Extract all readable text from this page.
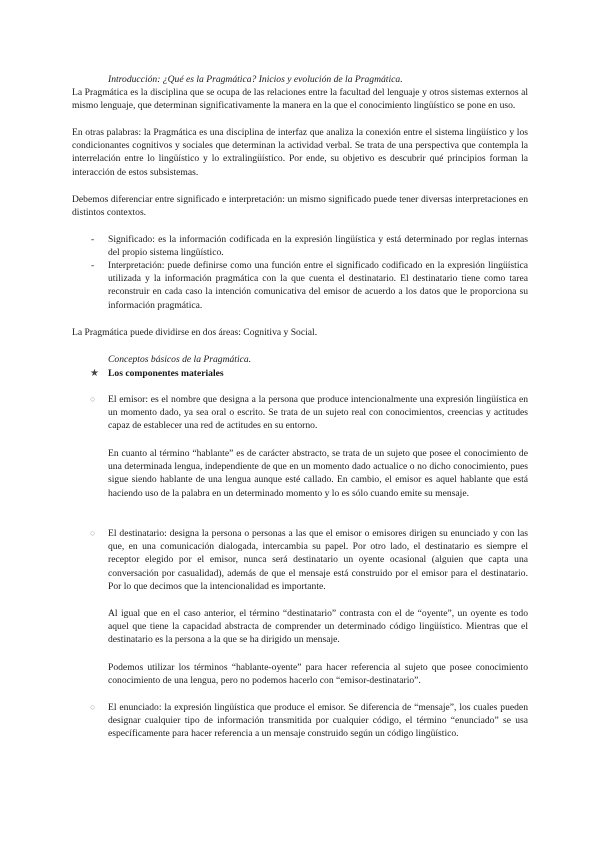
Introducción: ¿Qué es la Pragmática? Inicios y evolución de la Pragmática.

La Pragmática es la disciplina que se ocupa de las relaciones entre la facultad del lenguaje y otros sistemas externos al mismo lenguaje, que determinan significativamente la manera en la que el conocimiento lingüístico se pone en uso.

En otras palabras: la Pragmática es una disciplina de interfaz que analiza la conexión entre el sistema lingüístico y los condicionantes cognitivos y sociales que determinan la actividad verbal. Se trata de una perspectiva que contempla la interrelación entre lo lingüístico y lo extralingüístico. Por ende, su objetivo es descubrir qué principios forman la interacción de estos subsistemas.

Debemos diferenciar entre significado e interpretación: un mismo significado puede tener diversas interpretaciones en distintos contextos.

- Significado: es la información codificada en la expresión lingüística y está determinado por reglas internas del propio sistema lingüístico.

- Interpretación: puede definirse como una función entre el significado codificado en la expresión lingüística utilizada y la información pragmática con la que cuenta el destinatario. El destinatario tiene como tarea reconstruir en cada caso la intención comunicativa del emisor de acuerdo a los datos que le proporciona su información pragmática.

La Pragmática puede dividirse en dos áreas: Cognitiva y Social.

Conceptos básicos de la Pragmática.

★ Los componentes materiales

○ El emisor: es el nombre que designa a la persona que produce intencionalmente una expresión lingüística en un momento dado, ya sea oral o escrito. Se trata de un sujeto real con conocimientos, creencias y actitudes capaz de establecer una red de actitudes en su entorno.

En cuanto al término “hablante” es de carácter abstracto, se trata de un sujeto que posee el conocimiento de una determinada lengua, independiente de que en un momento dado actualice o no dicho conocimiento, pues sigue siendo hablante de una lengua aunque esté callado. En cambio, el emisor es aquel hablante que está haciendo uso de la palabra en un determinado momento y lo es sólo cuando emite su mensaje.

○ El destinatario: designa la persona o personas a las que el emisor o emisores dirigen su enunciado y con las que, en una comunicación dialogada, intercambia su papel. Por otro lado, el destinatario es siempre el receptor elegido por el emisor, nunca será destinatario un oyente ocasional (alguien que capta una conversación por casualidad), además de que el mensaje está construido por el emisor para el destinatario. Por lo que decimos que la intencionalidad es importante.

Al igual que en el caso anterior, el término “destinatario” contrasta con el de “oyente”, un oyente es todo aquel que tiene la capacidad abstracta de comprender un determinado código lingüístico. Mientras que el destinatario es la persona a la que se ha dirigido un mensaje.

Podemos utilizar los términos “hablante-oyente” para hacer referencia al sujeto que posee conocimiento conocimiento de una lengua, pero no podemos hacerlo con “emisor-destinatario”.

○ El enunciado: la expresión lingüística que produce el emisor. Se diferencia de “mensaje”, los cuales pueden designar cualquier tipo de información transmitida por cualquier código, el término “enunciado” se usa específicamente para hacer referencia a un mensaje construido según un código lingüístico.
